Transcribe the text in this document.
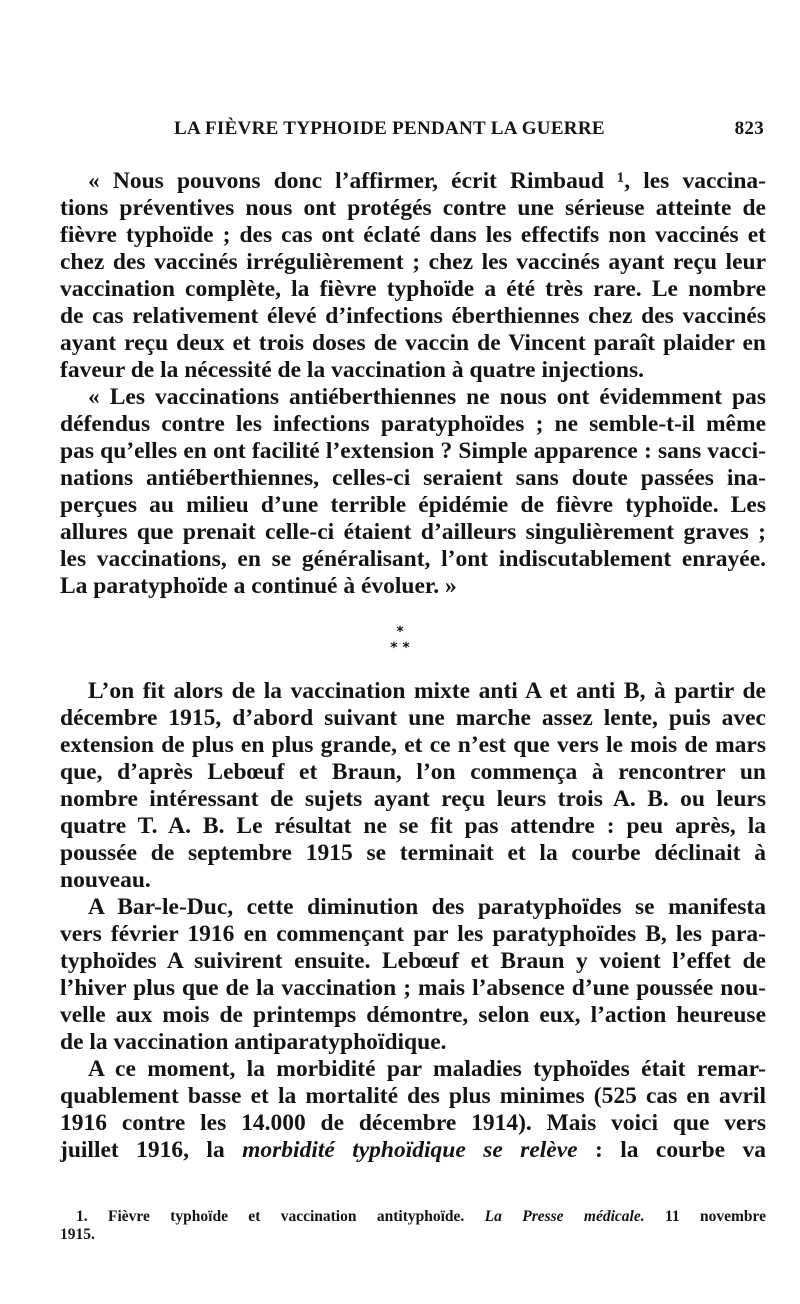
LA FIÈVRE TYPHOIDE PENDANT LA GUERRE	823
« Nous pouvons donc l’affirmer, écrit Rimbaud ¹, les vaccina-
tions préventives nous ont protégés contre une sérieuse atteinte de
fièvre typhoïde ; des cas ont éclaté dans les effectifs non vaccinés et
chez des vaccinés irrégulièrement ; chez les vaccinés ayant reçu leur
vaccination complète, la fièvre typhoïde a été très rare. Le nombre
de cas relativement élevé d’infections éberthiennes chez des vaccinés
ayant reçu deux et trois doses de vaccin de Vincent paraît plaider en
faveur de la nécessité de la vaccination à quatre injections.
« Les vaccinations antiéberthiennes ne nous ont évidemment pas
défendus contre les infections paratyphoïdes ; ne semble-t-il même
pas qu’elles en ont facilité l’extension ? Simple apparence : sans vacci-
nations antiéberthiennes, celles-ci seraient sans doute passées ina-
perçues au milieu d’une terrible épidémie de fièvre typhoïde. Les
allures que prenait celle-ci étaient d’ailleurs singulièrement graves ;
les vaccinations, en se généralisant, l’ont indiscutablement enrayée.
La paratyphoïde a continué à évoluer. »
*
* *
L’on fit alors de la vaccination mixte anti A et anti B, à partir de
décembre 1915, d’abord suivant une marche assez lente, puis avec
extension de plus en plus grande, et ce n’est que vers le mois de mars
que, d’après Lebœuf et Braun, l’on commença à rencontrer un
nombre intéressant de sujets ayant reçu leurs trois A. B. ou leurs
quatre T. A. B. Le résultat ne se fit pas attendre : peu après, la
poussée de septembre 1915 se terminait et la courbe déclinait à
nouveau.
A Bar-le-Duc, cette diminution des paratyphoïdes se manifesta
vers février 1916 en commençant par les paratyphoïdes B, les para-
typhoïdes A suivirent ensuite. Lebœuf et Braun y voient l’effet de
l’hiver plus que de la vaccination ; mais l’absence d’une poussée nou-
velle aux mois de printemps démontre, selon eux, l’action heureuse
de la vaccination antiparatyphoïdique.
A ce moment, la morbidité par maladies typhoïdes était remar-
quablement basse et la mortalité des plus minimes (525 cas en avril
1916 contre les 14.000 de décembre 1914). Mais voici que vers
juillet 1916, la morbidité typhoïdique se relève : la courbe va
1. Fièvre typhoïde et vaccination antityphoïde. La Presse médicale. 11 novembre
1915.
